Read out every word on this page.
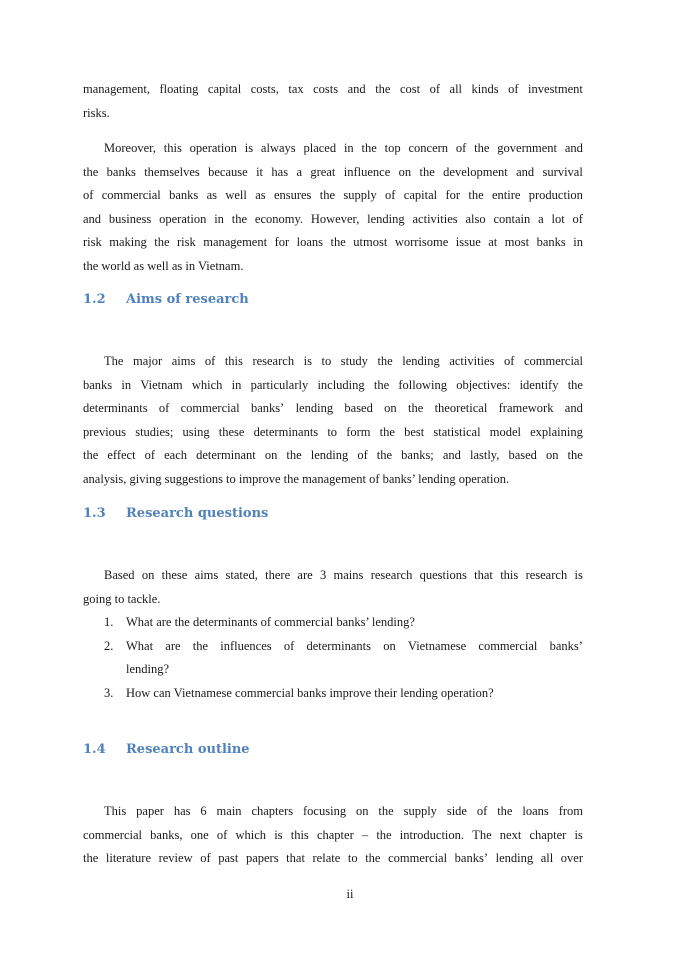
management, floating capital costs, tax costs and the cost of all kinds of investment
risks.
Moreover, this operation is always placed in the top concern of the government and
the banks themselves because it has a great influence on the development and survival
of commercial banks as well as ensures the supply of capital for the entire production
and business operation in the economy. However, lending activities also contain a lot of
risk making the risk management for loans the utmost worrisome issue at most banks in
the world as well as in Vietnam.
1.2	Aims of research
The major aims of this research is to study the lending activities of commercial
banks in Vietnam which in particularly including the following objectives: identify the
determinants of commercial banks’ lending based on the theoretical framework and
previous studies; using these determinants to form the best statistical model explaining
the effect of each determinant on the lending of the banks; and lastly, based on the
analysis, giving suggestions to improve the management of banks’ lending operation.
1.3	Research questions
Based on these aims stated, there are 3 mains research questions that this research is
going to tackle.
1.	What are the determinants of commercial banks’ lending?
2.	What are the influences of determinants on Vietnamese commercial banks’
lending?
3.	How can Vietnamese commercial banks improve their lending operation?
1.4	Research outline
This paper has 6 main chapters focusing on the supply side of the loans from
commercial banks, one of which is this chapter – the introduction. The next chapter is
the literature review of past papers that relate to the commercial banks’ lending all over
ii
